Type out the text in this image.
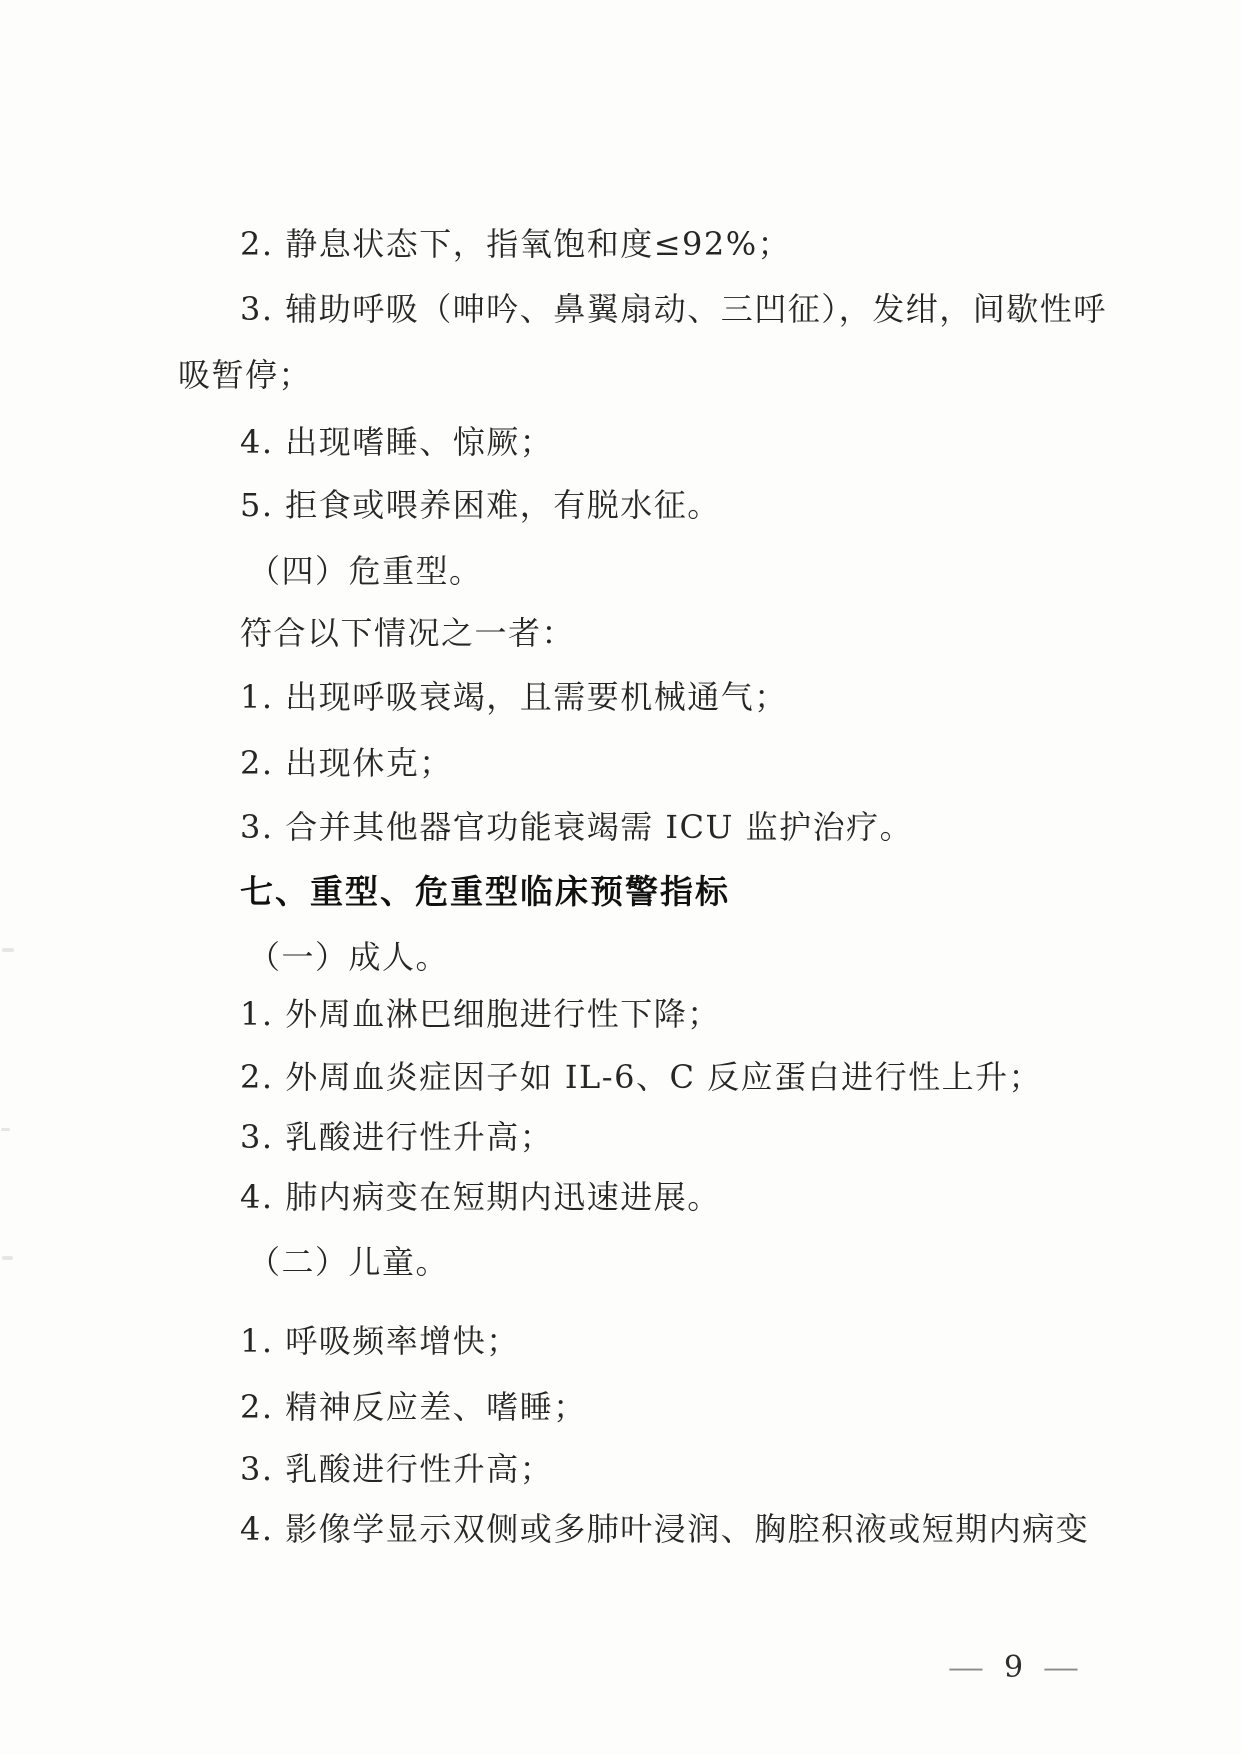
2. 静息状态下，指氧饱和度≤92%；
3. 辅助呼吸（呻吟、鼻翼扇动、三凹征），发绀，间歇性呼
吸暂停；
4. 出现嗜睡、惊厥；
5. 拒食或喂养困难，有脱水征。
（四）危重型。
符合以下情况之一者：
1. 出现呼吸衰竭，且需要机械通气；
2. 出现休克；
3. 合并其他器官功能衰竭需 ICU 监护治疗。
七、重型、危重型临床预警指标
（一）成人。
1. 外周血淋巴细胞进行性下降；
2. 外周血炎症因子如 IL-6、C 反应蛋白进行性上升；
3. 乳酸进行性升高；
4. 肺内病变在短期内迅速进展。
（二）儿童。
1. 呼吸频率增快；
2. 精神反应差、嗜睡；
3. 乳酸进行性升高；
4. 影像学显示双侧或多肺叶浸润、胸腔积液或短期内病变
— 9 —
